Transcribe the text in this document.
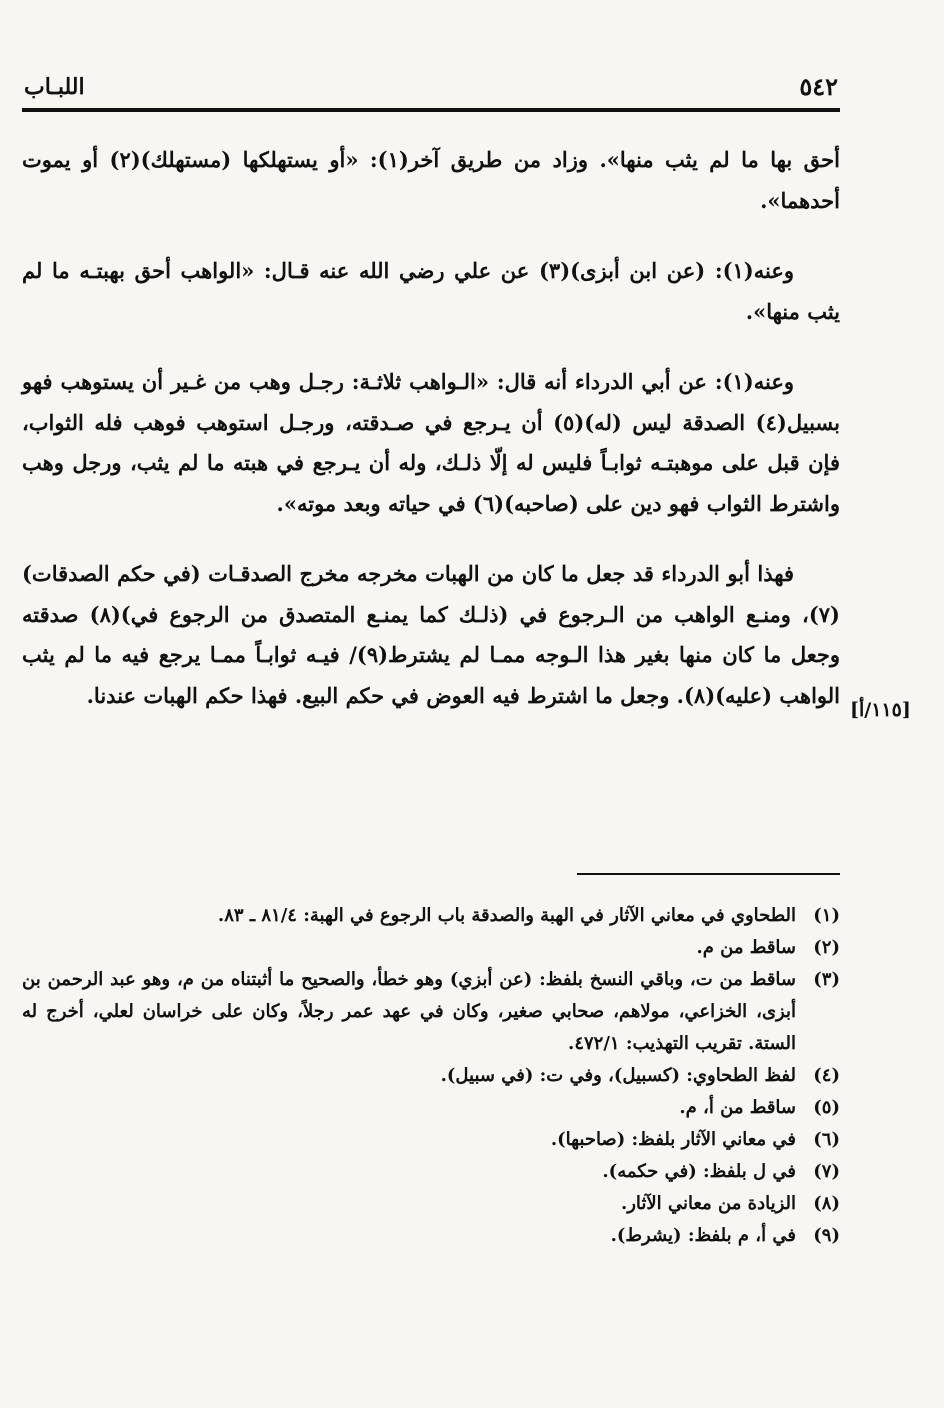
٥٤٢
اللبـاب

أحق بها ما لم يثب منها». وزاد من طريق آخر(١): «أو يستهلكها (مستهلك)(٢) أو يموت أحدهما».

وعنه(١): (عن ابن أبزى)(٣) عن علي رضي الله عنه قـال: «الواهب أحق بهبتـه ما لم يثب منها».

وعنه(١): عن أبي الدرداء أنه قال: «الـواهب ثلاثـة: رجـل وهب من غـير أن يستوهب فهو بسبيل(٤) الصدقة ليس (له)(٥) أن يـرجع في صـدقته، ورجـل استوهب فوهب فله الثواب، فإن قبل على موهبتـه ثوابـاً فليس له إلّا ذلـك، وله أن يـرجع في هبته ما لم يثب، ورجل وهب واشترط الثواب فهو دين على (صاحبه)(٦) في حياته وبعد موته».

فهذا أبو الدرداء قد جعل ما كان من الهبات مخرجه مخرج الصدقـات (في حكم الصدقات)(٧)، ومنـع الواهب من الـرجوع في (ذلـك كما يمنـع المتصدق من الرجوع في)(٨) صدقته وجعل ما كان منها بغير هذا الـوجه ممـا لم يشترط(٩)/ فيـه ثوابـاً ممـا يرجع فيه ما لم يثب الواهب (عليه)(٨). وجعل ما اشترط فيه العوض في حكم البيع. فهذا حكم الهبات عندنا.

[١١٥/أ]
(١)
الطحاوي في معاني الآثار في الهبة والصدقة باب الرجوع في الهبة: ٨١/٤ ـ ٨٣.
(٢)
ساقط من م.
(٣)
ساقط من ت، وباقي النسخ بلفظ: (عن أبزي) وهو خطأ، والصحيح ما أثبتناه من م، وهو عبد الرحمن بن أبزى، الخزاعي، مولاهم، صحابي صغير، وكان في عهد عمر رجلاً، وكان على خراسان لعلي، أخرج له الستة. تقريب التهذيب: ٤٧٢/١.
(٤)
لفظ الطحاوي: (كسبيل)، وفي ت: (في سبيل).
(٥)
ساقط من أ، م.
(٦)
في معاني الآثار بلفظ: (صاحبها).
(٧)
في ل بلفظ: (في حكمه).
(٨)
الزيادة من معاني الآثار.
(٩)
في أ، م بلفظ: (يشرط).
